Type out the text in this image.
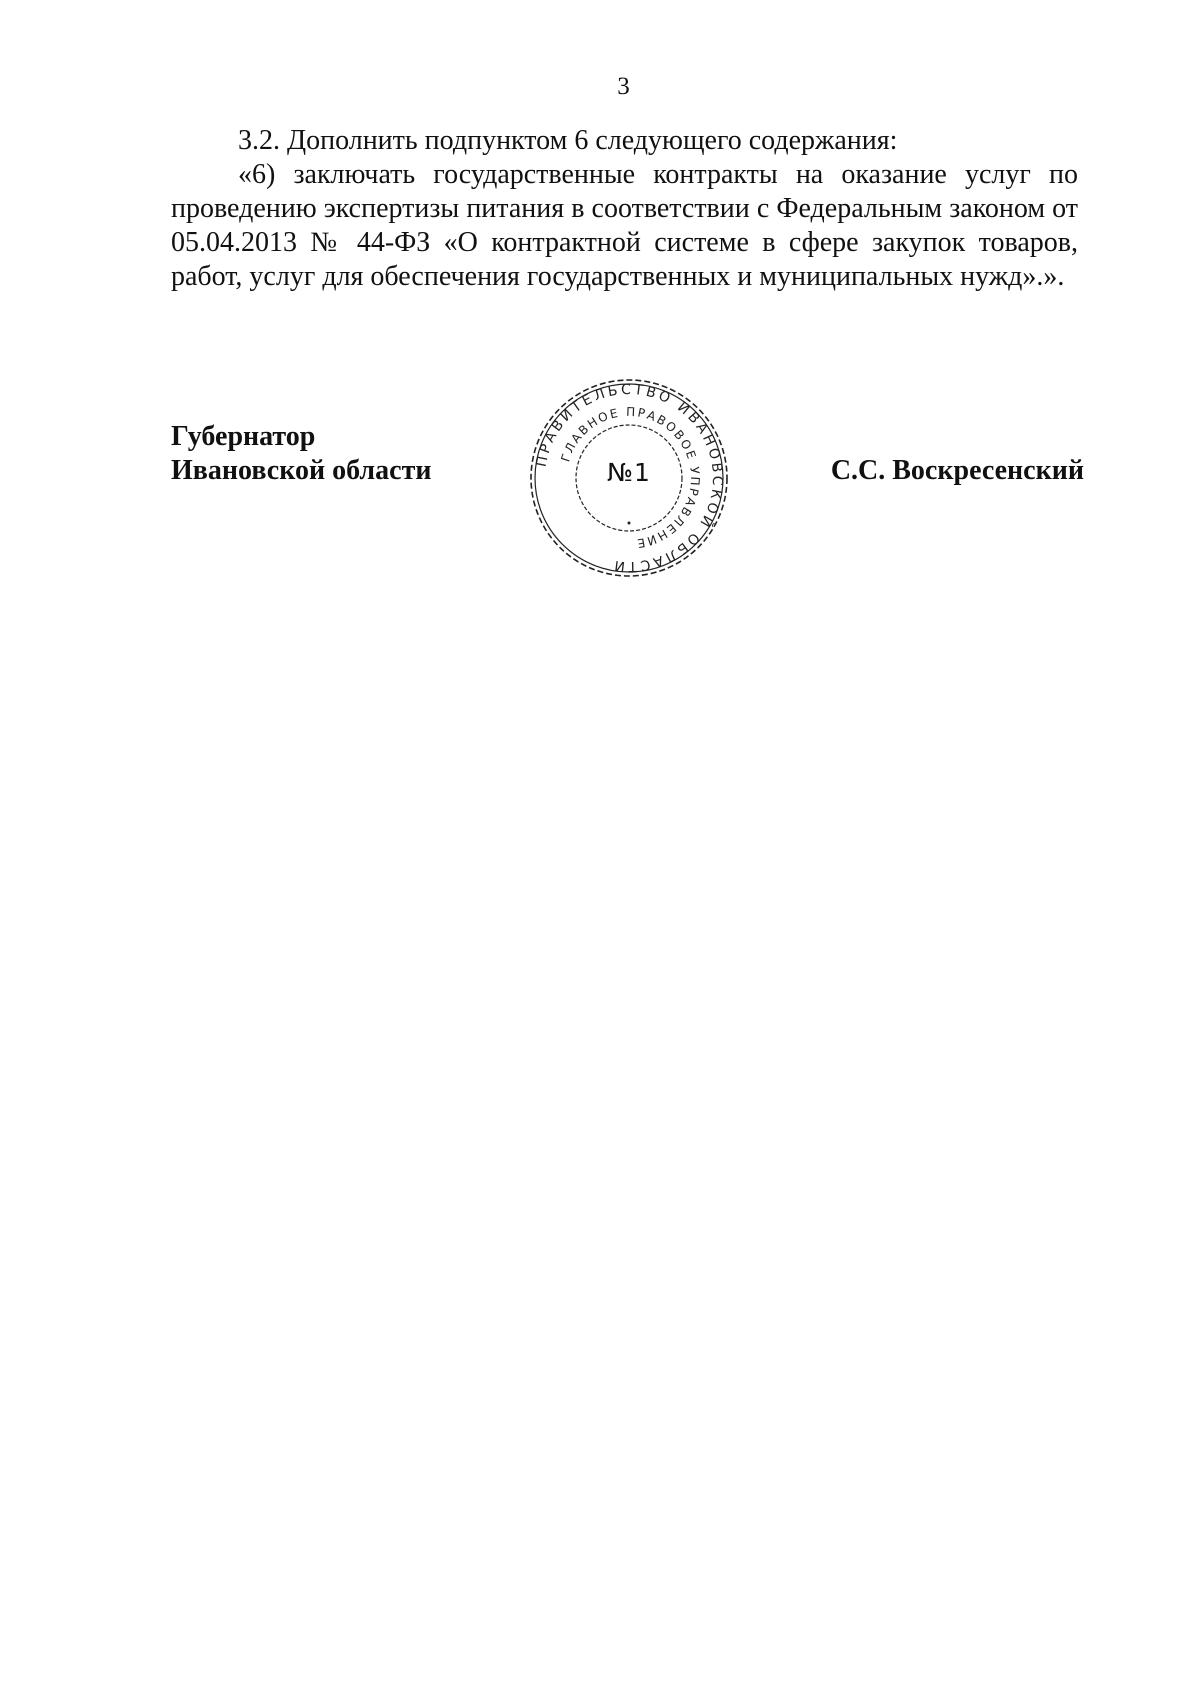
3

3.2. Дополнить подпунктом 6 следующего содержания:

«6) заключать государственные контракты на оказание услуг по проведению экспертизы питания в соответствии с Федеральным законом от 05.04.2013 № 44-ФЗ «О контрактной системе в сфере закупок товаров, работ, услуг для обеспечения государственных и муниципальных нужд».».

Губернатор
Ивановской области	С.С. Воскресенский
ПРАВИТЕЛЬСТВО ИВАНОВСКОЙ ОБЛАСТИ
ГЛАВНОЕ ПРАВОВОЕ УПРАВЛЕНИЕ
№1
